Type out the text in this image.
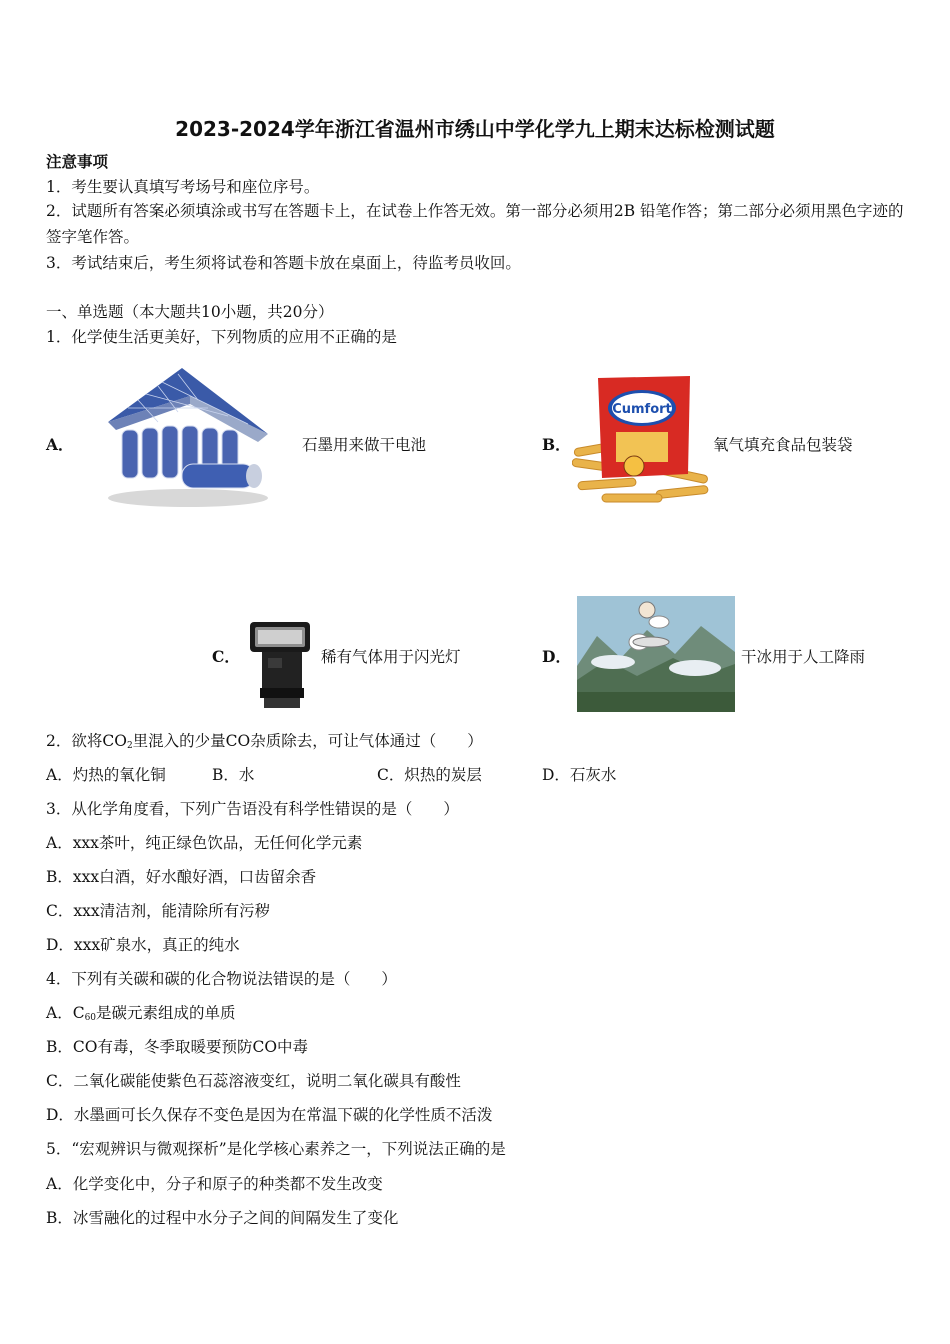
2023-2024学年浙江省温州市绣山中学化学九上期末达标检测试题
注意事项
1．考生要认真填写考场号和座位序号。
2．试题所有答案必须填涂或书写在答题卡上，在试卷上作答无效。第一部分必须用2B 铅笔作答；第二部分必须用黑色字迹的签字笔作答。
3．考试结束后，考生须将试卷和答题卡放在桌面上，待监考员收回。
一、单选题（本大题共10小题，共20分）
1．化学使生活更美好，下列物质的应用不正确的是
A．	石墨用来做干电池	B．
Cumfort
氧气填充食品包装袋
C．	稀有气体用于闪光灯	D．	干冰用于人工降雨
2．欲将$CO_2$里混入的少量CO杂质除去，可让气体通过（　　）
A．灼热的氧化铜	B．水	C．炽热的炭层	D．石灰水
3．从化学角度看，下列广告语没有科学性错误的是（　　）
A．xxx茶叶，纯正绿色饮品，无任何化学元素
B．xxx白酒，好水酿好酒，口齿留余香
C．xxx清洁剂，能清除所有污秽
D．xxx矿泉水，真正的纯水
4．下列有关碳和碳的化合物说法错误的是（　　）
A．$C_{60}$是碳元素组成的单质
B．CO有毒，冬季取暖要预防CO中毒
C．二氧化碳能使紫色石蕊溶液变红，说明二氧化碳具有酸性
D．水墨画可长久保存不变色是因为在常温下碳的化学性质不活泼
5．“宏观辨识与微观探析”是化学核心素养之一，下列说法正确的是
A．化学变化中，分子和原子的种类都不发生改变
B．冰雪融化的过程中水分子之间的间隔发生了变化
